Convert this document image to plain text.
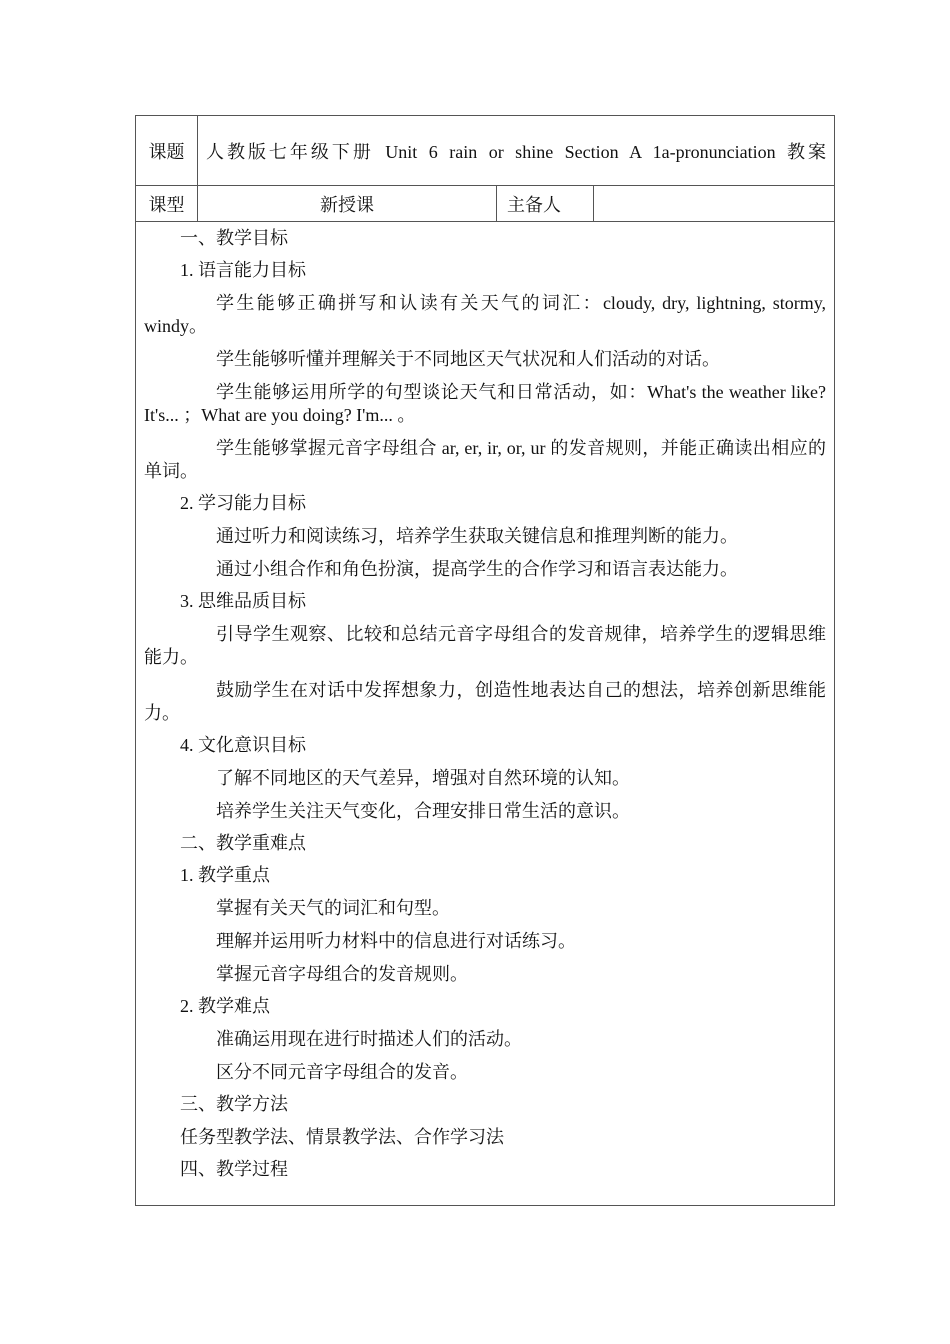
课题	人教版七年级下册 Unit 6 rain or shine Section A 1a-pronunciation 教案		
课型	新授课	主备人	

一、教学目标
1. 语言能力目标

学生能够正确拼写和认读有关天气的词汇：cloudy, dry, lightning, stormy, windy。

学生能够听懂并理解关于不同地区天气状况和人们活动的对话。

学生能够运用所学的句型谈论天气和日常活动，如：What's the weather like? It's... ；What are you doing? I'm... 。

学生能够掌握元音字母组合 ar, er, ir, or, ur 的发音规则，并能正确读出相应的单词。

2. 学习能力目标
通过听力和阅读练习，培养学生获取关键信息和推理判断的能力。
通过小组合作和角色扮演，提高学生的合作学习和语言表达能力。
3. 思维品质目标

引导学生观察、比较和总结元音字母组合的发音规律，培养学生的逻辑思维能力。

鼓励学生在对话中发挥想象力，创造性地表达自己的想法，培养创新思维能力。

4. 文化意识目标
了解不同地区的天气差异，增强对自然环境的认知。
培养学生关注天气变化，合理安排日常生活的意识。
二、教学重难点
1. 教学重点
掌握有关天气的词汇和句型。
理解并运用听力材料中的信息进行对话练习。
掌握元音字母组合的发音规则。
2. 教学难点
准确运用现在进行时描述人们的活动。
区分不同元音字母组合的发音。
三、教学方法
任务型教学法、情景教学法、合作学习法
四、教学过程
